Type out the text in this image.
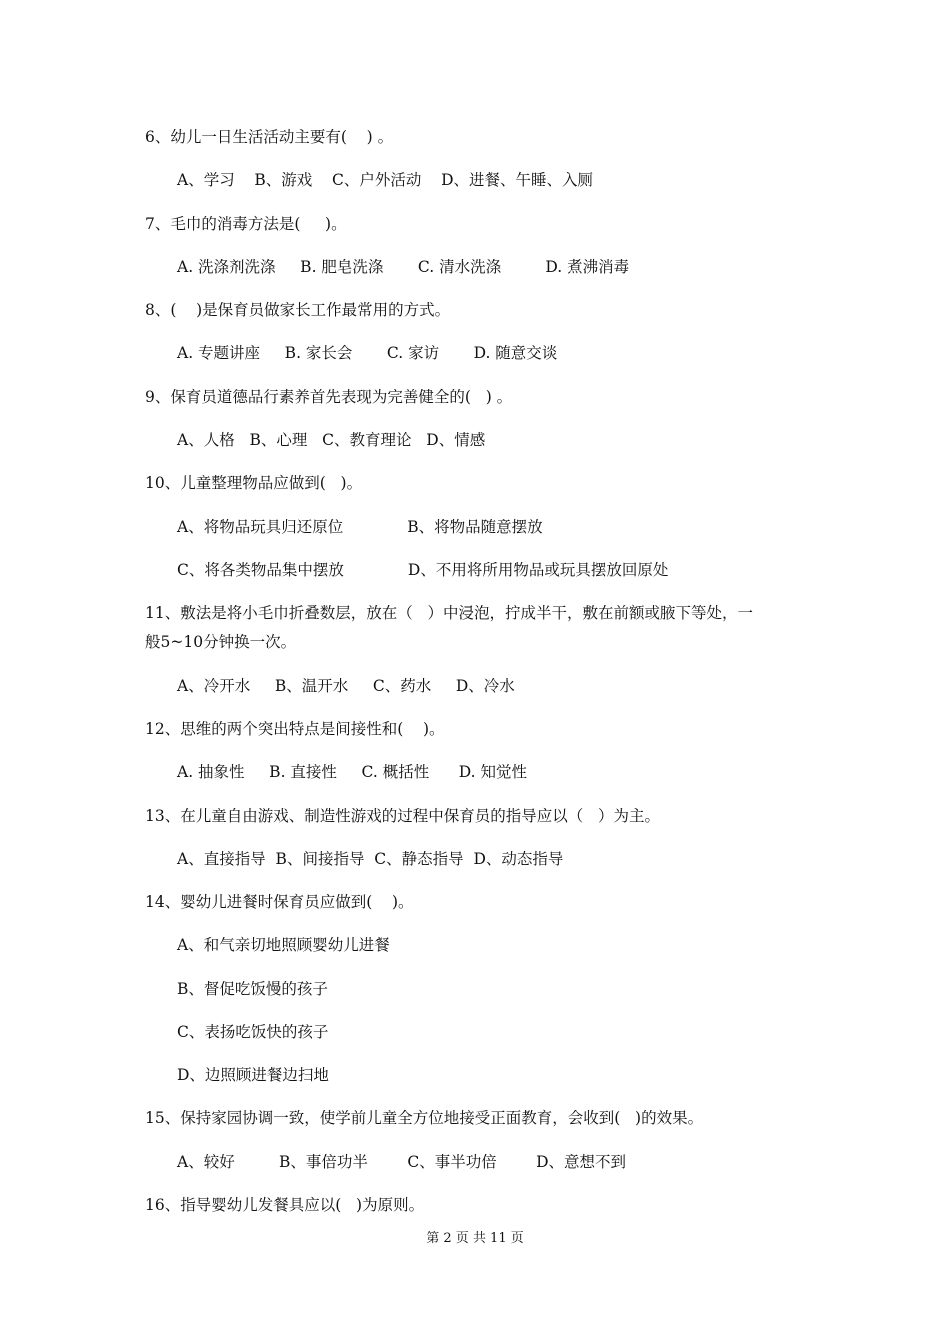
6、幼儿一日生活活动主要有(    ) 。
A、学习    B、游戏    C、户外活动    D、进餐、午睡、入厕
7、毛巾的消毒方法是(     )。
A. 洗涤剂洗涤     B. 肥皂洗涤       C. 清水洗涤         D. 煮沸消毒
8、(    )是保育员做家长工作最常用的方式。
A. 专题讲座     B. 家长会       C. 家访       D. 随意交谈
9、保育员道德品行素养首先表现为完善健全的(   ) 。
A、人格   B、心理   C、教育理论   D、情感
10、儿童整理物品应做到(   )。
A、将物品玩具归还原位             B、将物品随意摆放
C、将各类物品集中摆放             D、不用将所用物品或玩具摆放回原处
11、敷法是将小毛巾折叠数层，放在（   ）中浸泡，拧成半干，敷在前额或腋下等处，一
般5~10分钟换一次。
A、冷开水     B、温开水     C、药水     D、冷水
12、思维的两个突出特点是间接性和(    )。
A. 抽象性     B. 直接性     C. 概括性      D. 知觉性
13、在儿童自由游戏、制造性游戏的过程中保育员的指导应以（   ）为主。
A、直接指导  B、间接指导  C、静态指导  D、动态指导
14、婴幼儿进餐时保育员应做到(    )。
A、和气亲切地照顾婴幼儿进餐
B、督促吃饭慢的孩子
C、表扬吃饭快的孩子
D、边照顾进餐边扫地
15、保持家园协调一致，使学前儿童全方位地接受正面教育，会收到(   )的效果。
A、较好         B、事倍功半        C、事半功倍        D、意想不到
16、指导婴幼儿发餐具应以(   )为原则。
第 2 页 共 11 页
